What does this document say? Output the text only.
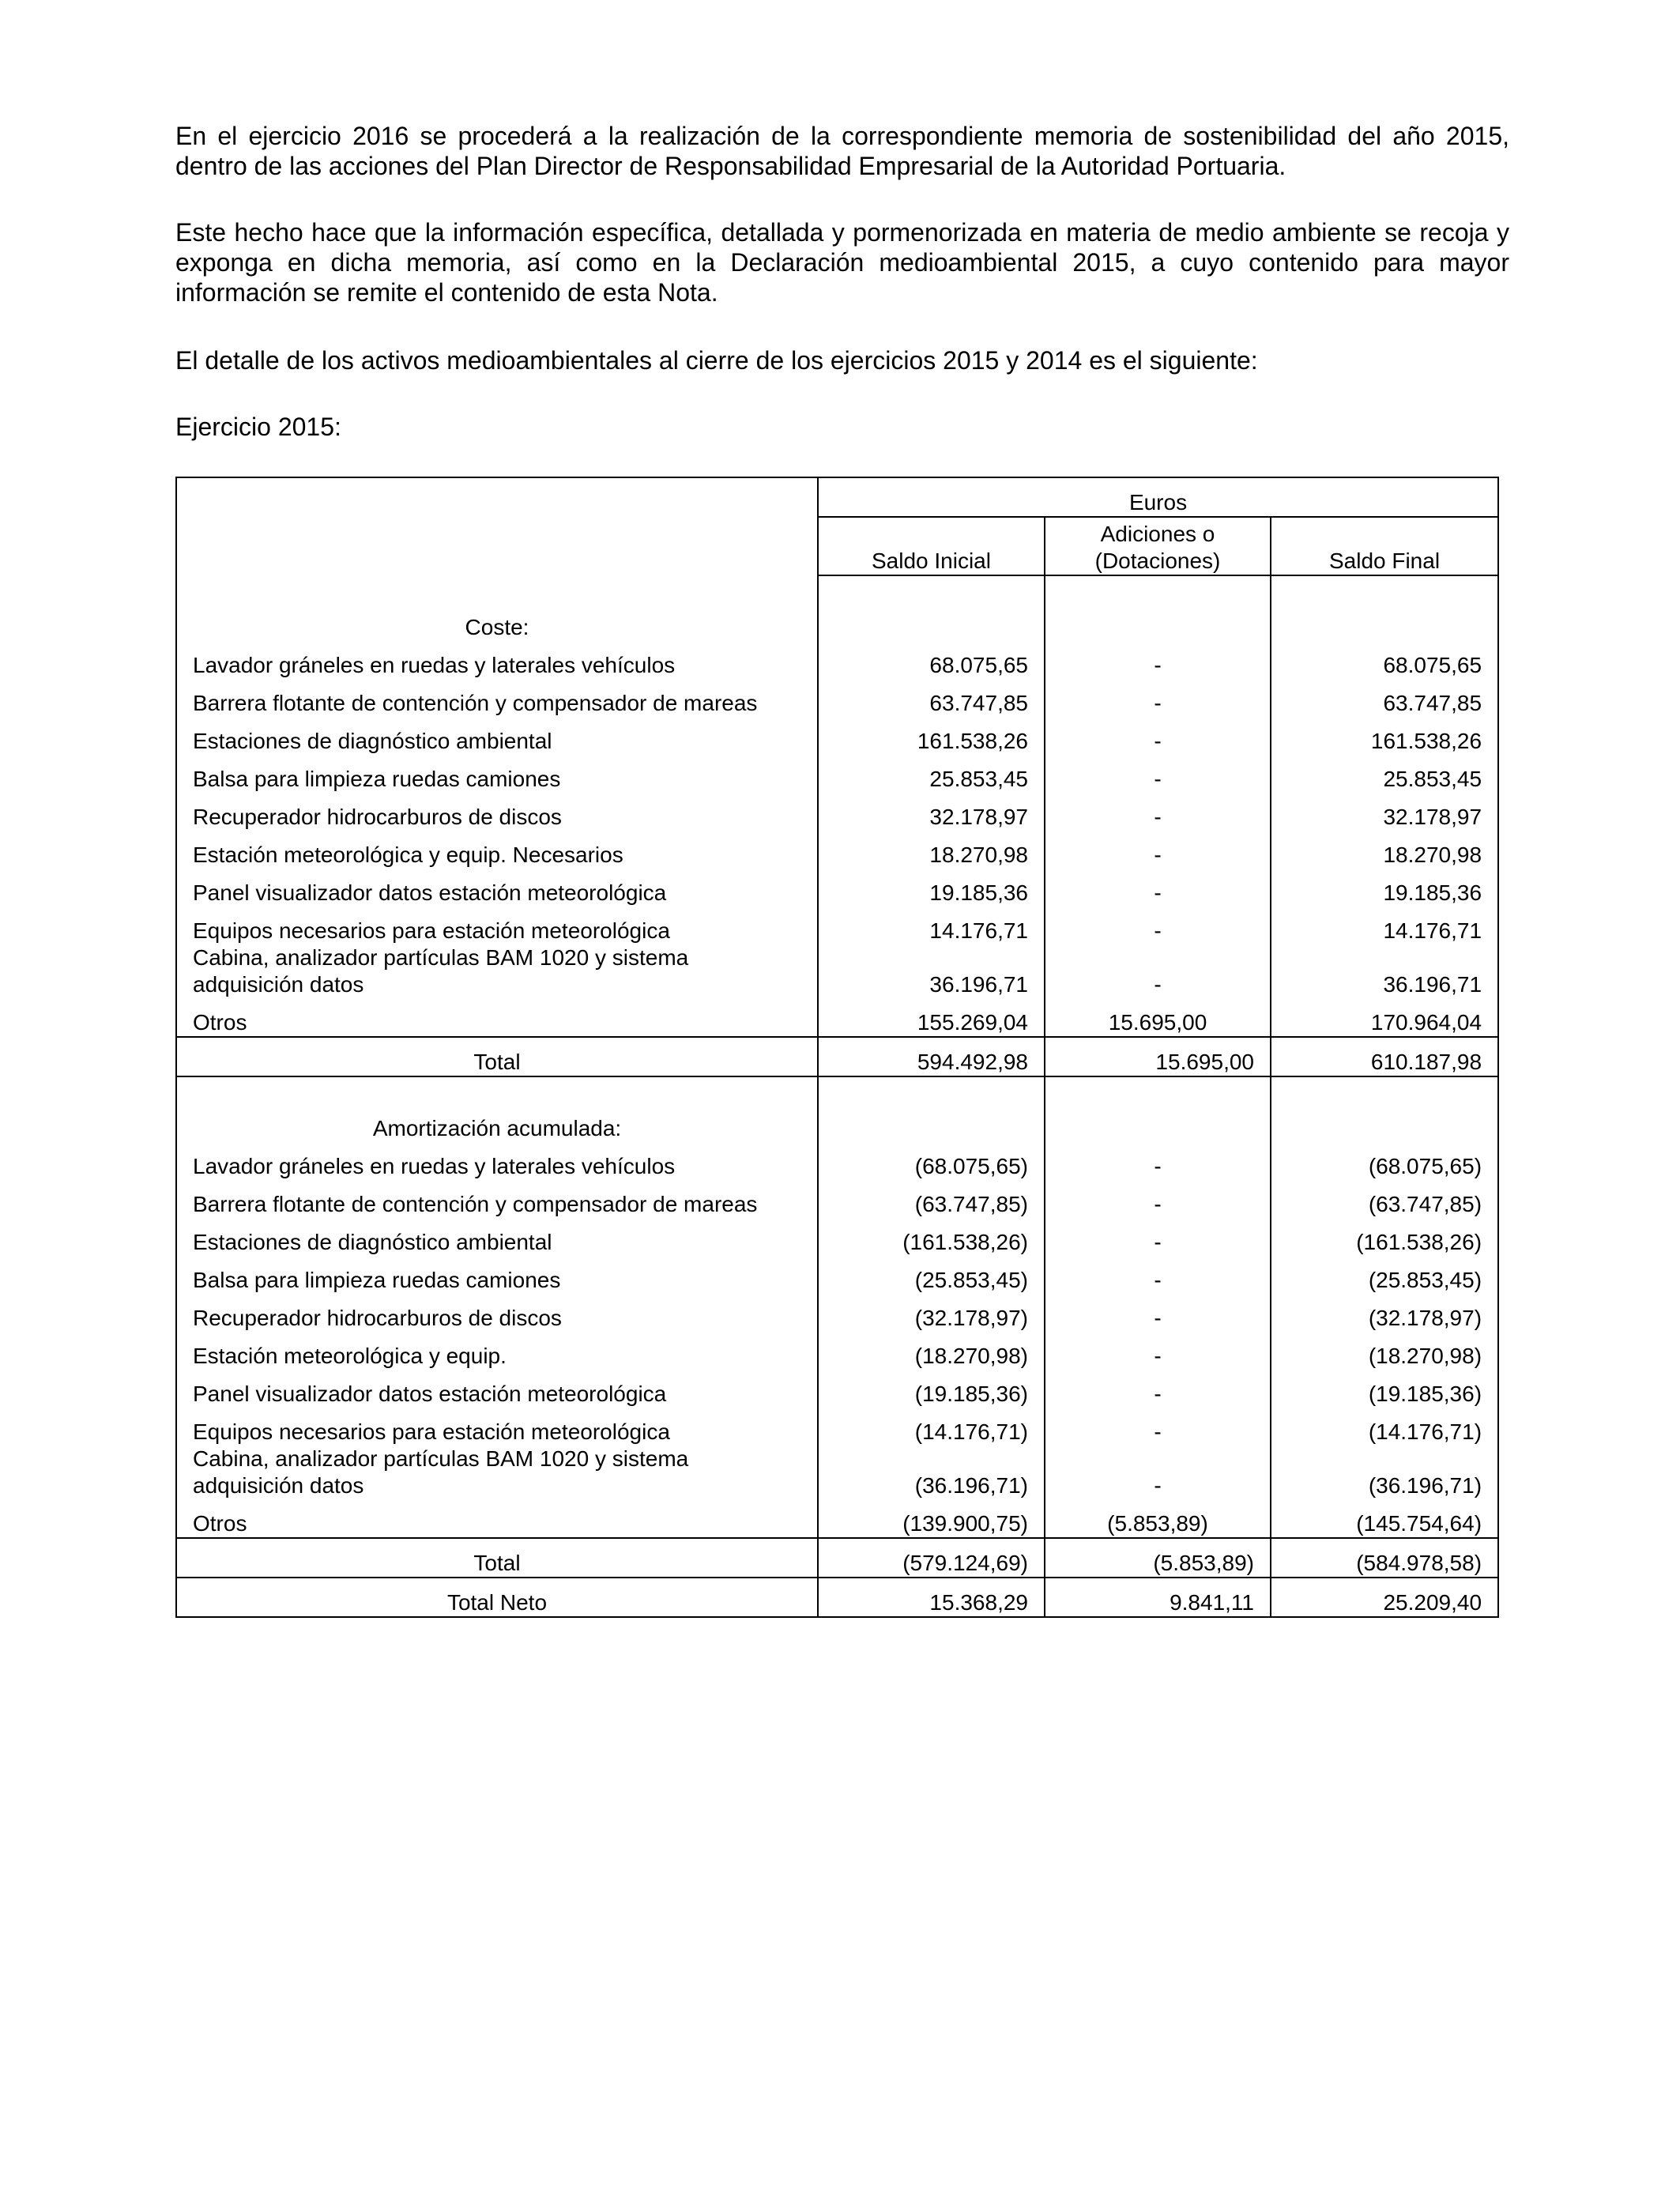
En el ejercicio 2016 se procederá a la realización de la correspondiente memoria de sostenibilidad del año 2015, dentro de las acciones del Plan Director de Responsabilidad Empresarial de la Autoridad Portuaria.

Este hecho hace que la información específica, detallada y pormenorizada en materia de medio ambiente se recoja y exponga en dicha memoria, así como en la Declaración medioambiental 2015, a cuyo contenido para mayor información se remite el contenido de esta Nota.

El detalle de los activos medioambientales al cierre de los ejercicios 2015 y 2014 es el siguiente:

Ejercicio 2015:

	Euros		
	Saldo Inicial	Adiciones o (Dotaciones)	Saldo Final

Coste:			
Lavador gráneles en ruedas y laterales vehículos	68.075,65	-	68.075,65
Barrera flotante de contención y compensador de mareas	63.747,85	-	63.747,85
Estaciones de diagnóstico ambiental	161.538,26	-	161.538,26
Balsa para limpieza ruedas camiones	25.853,45	-	25.853,45
Recuperador hidrocarburos de discos	32.178,97	-	32.178,97
Estación meteorológica y equip. Necesarios	18.270,98	-	18.270,98
Panel visualizador datos estación meteorológica	19.185,36	-	19.185,36
Equipos necesarios para estación meteorológica	14.176,71	-	14.176,71
Cabina, analizador partículas BAM 1020 y sistema adquisición datos	36.196,71	-	36.196,71
Otros	155.269,04	15.695,00	170.964,04
Total	594.492,98	15.695,00	610.187,98

Amortización acumulada:			
Lavador gráneles en ruedas y laterales vehículos	(68.075,65)	-	(68.075,65)
Barrera flotante de contención y compensador de mareas	(63.747,85)	-	(63.747,85)
Estaciones de diagnóstico ambiental	(161.538,26)	-	(161.538,26)
Balsa para limpieza ruedas camiones	(25.853,45)	-	(25.853,45)
Recuperador hidrocarburos de discos	(32.178,97)	-	(32.178,97)
Estación meteorológica y equip.	(18.270,98)	-	(18.270,98)
Panel visualizador datos estación meteorológica	(19.185,36)	-	(19.185,36)
Equipos necesarios para estación meteorológica	(14.176,71)	-	(14.176,71)
Cabina, analizador partículas BAM 1020 y sistema adquisición datos	(36.196,71)	-	(36.196,71)
Otros	(139.900,75)	(5.853,89)	(145.754,64)
Total	(579.124,69)	(5.853,89)	(584.978,58)
Total Neto	15.368,29	9.841,11	25.209,40
